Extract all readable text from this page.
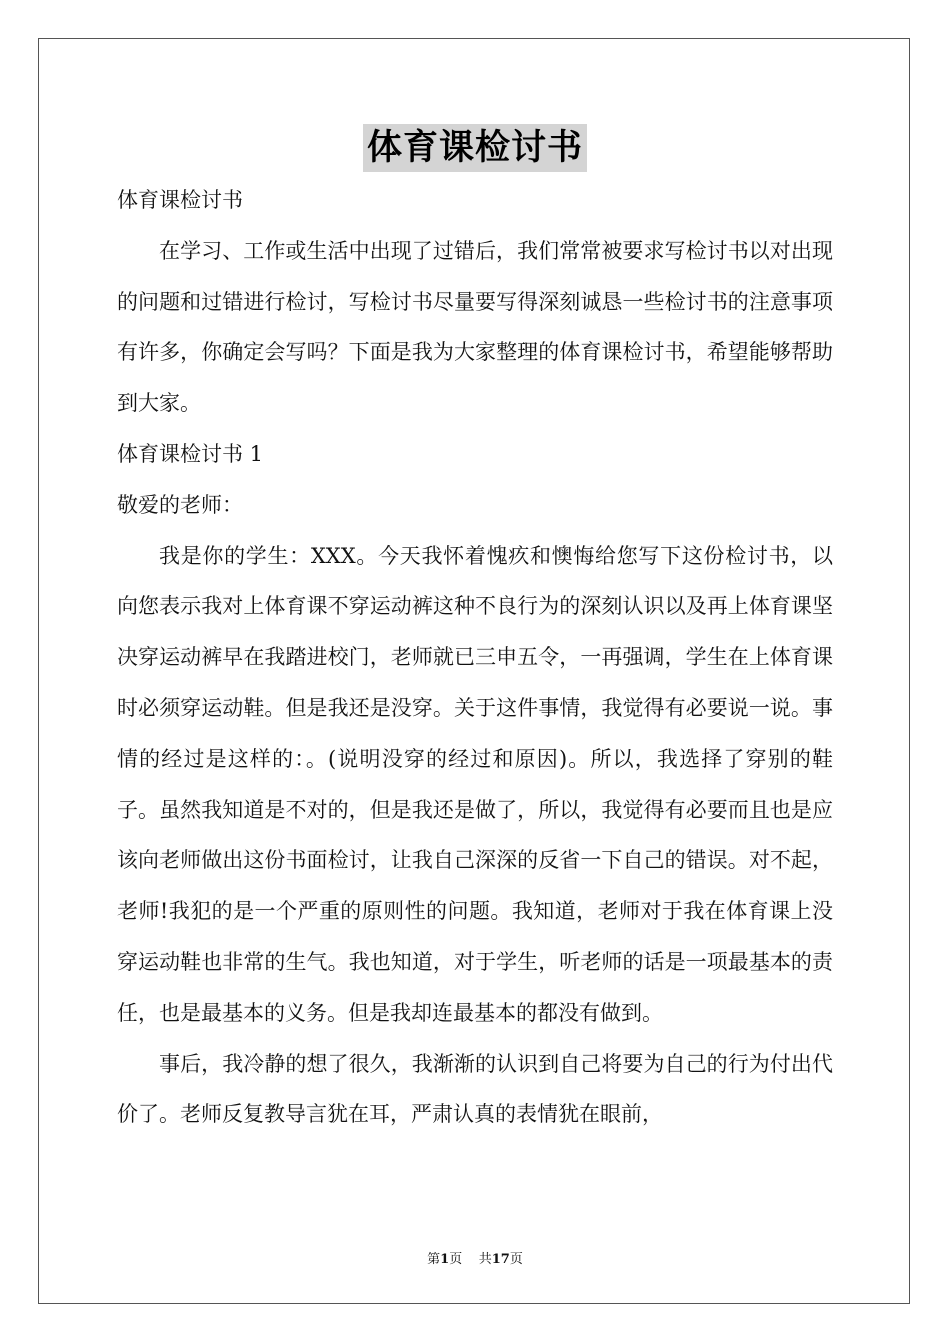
体育课检讨书

体育课检讨书

在学习、工作或生活中出现了过错后，我们常常被要求写检讨书以对出现的问题和过错进行检讨，写检讨书尽量要写得深刻诚恳一些检讨书的注意事项有许多，你确定会写吗？下面是我为大家整理的体育课检讨书，希望能够帮助到大家。

体育课检讨书 1

敬爱的老师：

我是你的学生：XXX。今天我怀着愧疚和懊悔给您写下这份检讨书，以向您表示我对上体育课不穿运动裤这种不良行为的深刻认识以及再上体育课坚决穿运动裤早在我踏进校门，老师就已三申五令，一再强调，学生在上体育课时必须穿运动鞋。但是我还是没穿。关于这件事情，我觉得有必要说一说。事情的经过是这样的：。(说明没穿的经过和原因)。所以，我选择了穿别的鞋子。虽然我知道是不对的，但是我还是做了，所以，我觉得有必要而且也是应该向老师做出这份书面检讨，让我自己深深的反省一下自己的错误。对不起，老师!我犯的是一个严重的原则性的问题。我知道，老师对于我在体育课上没穿运动鞋也非常的生气。我也知道，对于学生，听老师的话是一项最基本的责任，也是最基本的义务。但是我却连最基本的都没有做到。

事后，我冷静的想了很久，我渐渐的认识到自己将要为自己的行为付出代价了。老师反复教导言犹在耳，严肃认真的表情犹在眼前，

第1页 共17页
